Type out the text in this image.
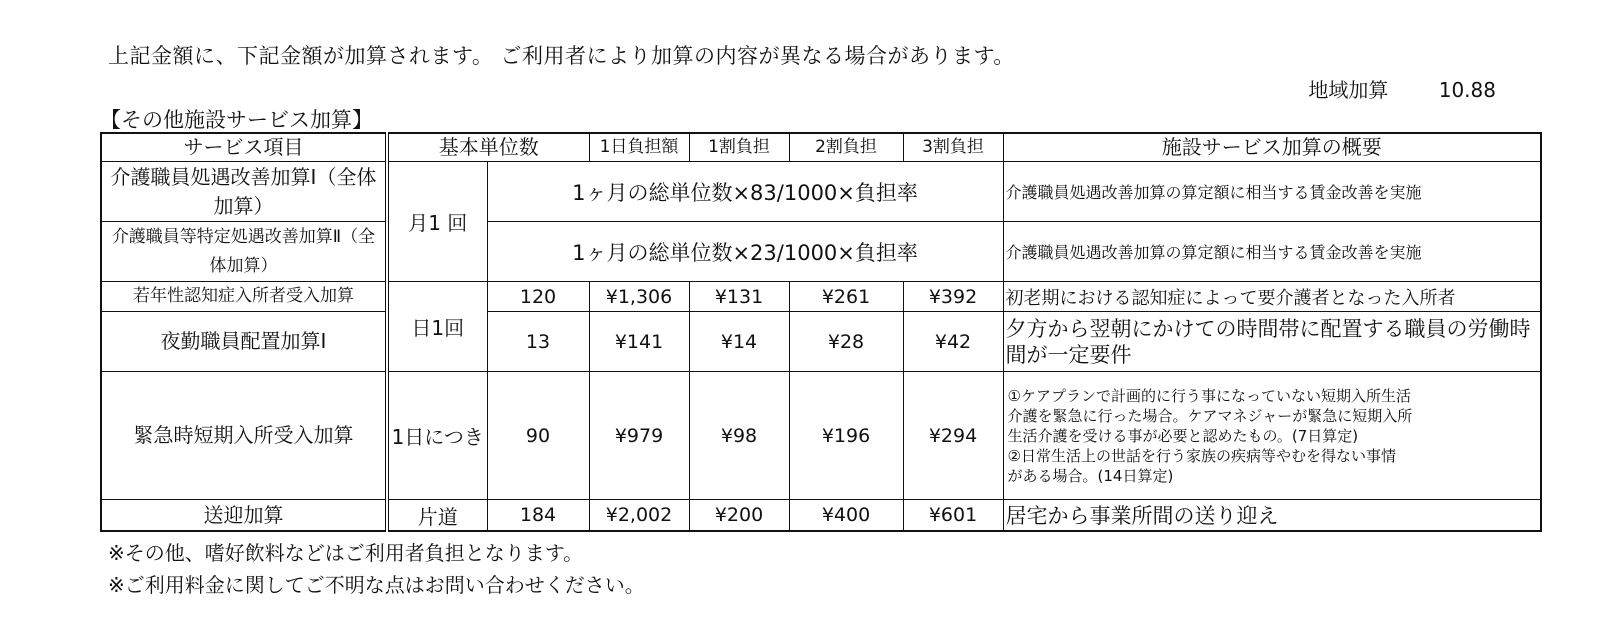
上記金額に、下記金額が加算されます。 ご利用者により加算の内容が異なる場合があります。
地域加算	10.88
【その他施設サービス加算】
サービス項目	基本単位数		1日負担額	1割負担	2割負担	3割負担	施設サービス加算の概要
介護職員処遇改善加算Ⅰ（全体加算）	月1 回	1ヶ月の総単位数×83/1000×負担率					介護職員処遇改善加算の算定額に相当する賃金改善を実施
介護職員等特定処遇改善加算Ⅱ（全体加算）		1ヶ月の総単位数×23/1000×負担率					介護職員処遇改善加算の算定額に相当する賃金改善を実施
若年性認知症入所者受入加算	日1回	120	¥1,306	¥131	¥261	¥392	初老期における認知症によって要介護者となった入所者
夜勤職員配置加算Ⅰ		13	¥141	¥14	¥28	¥42	夕方から翌朝にかけての時間帯に配置する職員の労働時間が一定要件
緊急時短期入所受入加算	1日につき	90	¥979	¥98	¥196	¥294	①ケアプランで計画的に行う事になっていない短期入所生活
介護を緊急に行った場合。ケアマネジャーが緊急に短期入所
生活介護を受ける事が必要と認めたもの。(7日算定)
②日常生活上の世話を行う家族の疾病等やむを得ない事情
がある場合。(14日算定)

送迎加算	片道	184	¥2,002	¥200	¥400	¥601	居宅から事業所間の送り迎え
※その他、嗜好飲料などはご利用者負担となります。
※ご利用料金に関してご不明な点はお問い合わせください。
